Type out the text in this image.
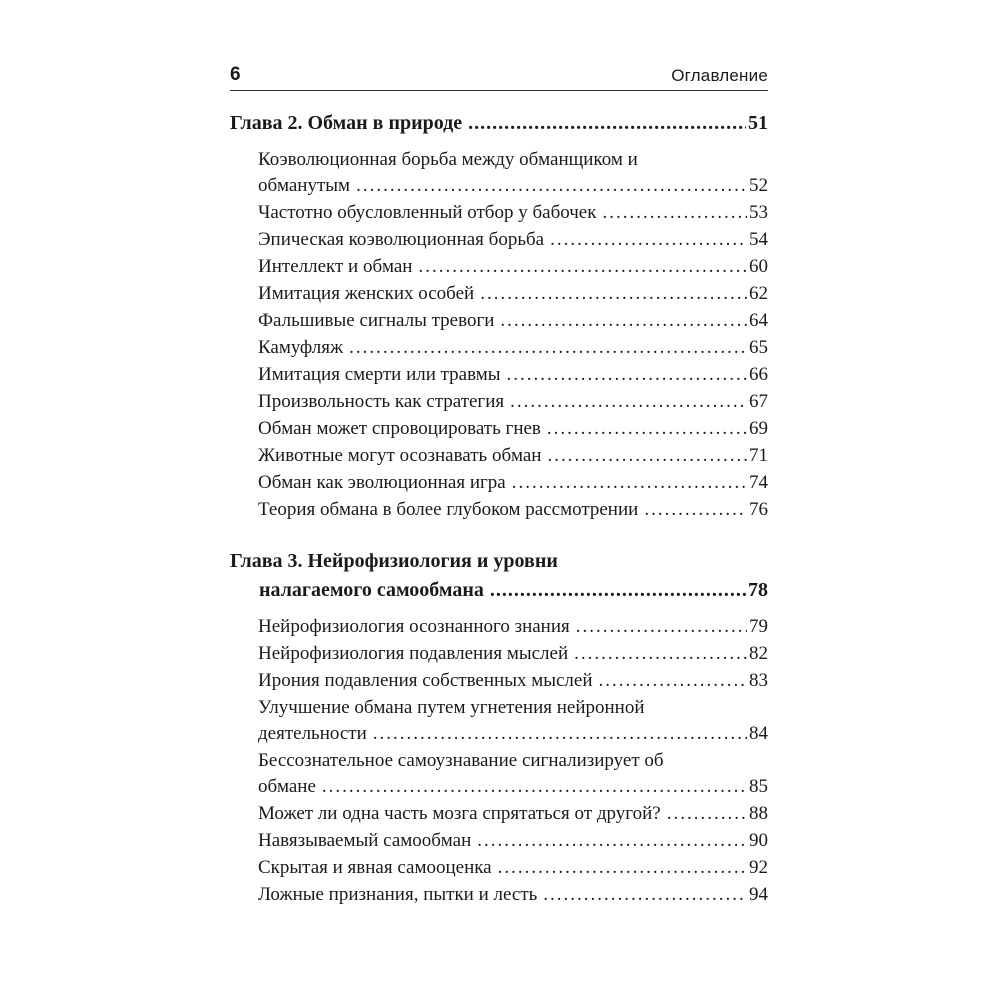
6	Оглавление
Глава 2. Обман в природе .....	51
Коэволюционная борьба между обманщиком и
обманутым .....	52
Частотно обусловленный отбор у бабочек .....	53
Эпическая коэволюционная борьба .....	54
Интеллект и обман .....	60
Имитация женских особей .....	62
Фальшивые сигналы тревоги .....	64
Камуфляж .....	65
Имитация смерти или травмы .....	66
Произвольность как стратегия .....	67
Обман может спровоцировать гнев .....	69
Животные могут осознавать обман .....	71
Обман как эволюционная игра .....	74
Теория обмана в более глубоком рассмотрении .....	76
Глава 3. Нейрофизиология и уровни
налагаемого самообмана .....	78
Нейрофизиология осознанного знания .....	79
Нейрофизиология подавления мыслей .....	82
Ирония подавления собственных мыслей .....	83
Улучшение обмана путем угнетения нейронной
деятельности .....	84
Бессознательное самоузнавание сигнализирует об
обмане .....	85
Может ли одна часть мозга спрятаться от другой? .....	88
Навязываемый самообман .....	90
Скрытая и явная самооценка .....	92
Ложные признания, пытки и лесть .....	94
